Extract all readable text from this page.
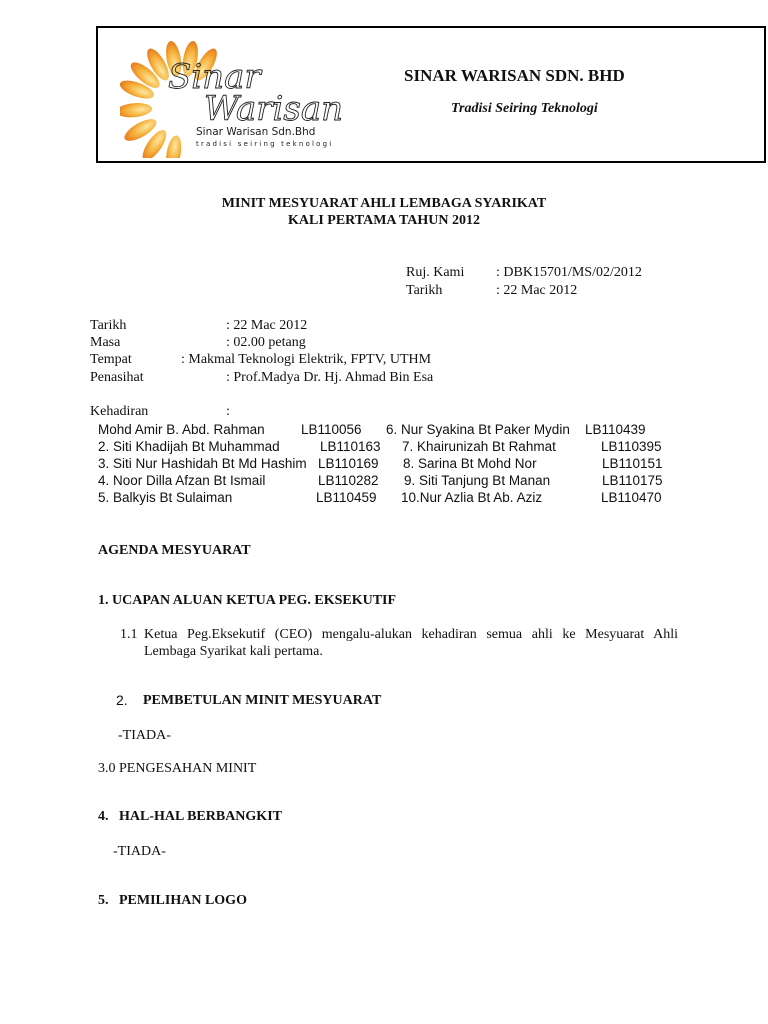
Sinar
Warisan
Sinar Warisan Sdn.Bhd
tradisi seiring teknologi
SINAR WARISAN SDN. BHD
Tradisi Seiring Teknologi
MINIT MESYUARAT AHLI LEMBAGA SYARIKAT
KALI PERTAMA TAHUN 2012
Ruj. Kami : DBK15701/MS/02/2012
Tarikh	: 22 Mac 2012
Tarikh	: 22 Mac 2012
Masa	: 02.00 petang
Tempat	: Makmal Teknologi Elektrik, FPTV, UTHM
Penasihat	: Prof.Madya Dr. Hj. Ahmad Bin Esa
Kehadiran	:
Mohd Amir B. Abd. Rahman	LB110056 6. Nur Syakina Bt Paker Mydin LB110439
2. Siti Khadijah Bt Muhammad	LB110163 7. Khairunizah Bt Rahmat	LB110395
3. Siti Nur Hashidah Bt Md Hashim LB110169 8. Sarina Bt Mohd Nor	LB110151
4. Noor Dilla Afzan Bt Ismail	LB110282 9. Siti Tanjung Bt Manan	LB110175
5. Balkyis Bt Sulaiman	LB110459 10.Nur Azlia Bt Ab. Aziz	LB110470
AGENDA MESYUARAT
1. UCAPAN ALUAN KETUA PEG. EKSEKUTIF
1.1 Ketua Peg.Eksekutif (CEO) mengalu-alukan kehadiran semua ahli ke Mesyuarat Ahli
Lembaga Syarikat kali pertama.
2. PEMBETULAN MINIT MESYUARAT
-TIADA-
3.0 PENGESAHAN MINIT
4.   HAL-HAL BERBANGKIT
-TIADA-
5.   PEMILIHAN LOGO
